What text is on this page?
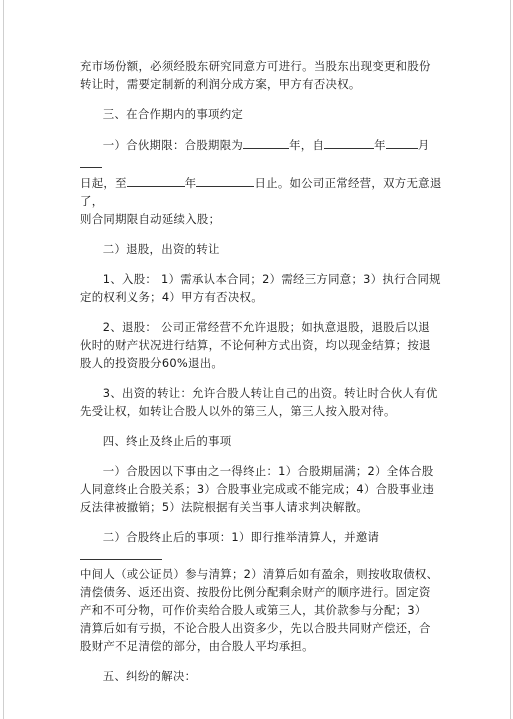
充市场份额，必须经股东研究同意方可进行。当股东出现变更和股份
转让时，需要定制新的利润分成方案，甲方有否决权。
三、在合作期内的事项约定
一）合伙期限：合股期限为	年，自	年	月
日起，至	年	日止。如公司正常经营，双方无意退了，
则合同期限自动延续入股；
二）退股，出资的转让
1、入股： 1）需承认本合同；2）需经三方同意；3）执行合同规
定的权利义务；4）甲方有否决权。
2、退股： 公司正常经营不允许退股；如执意退股，退股后以退
伙时的财产状况进行结算，不论何种方式出资，均以现金结算；按退
股人的投资股分60%退出。
3、出资的转让：允许合股人转让自己的出资。转让时合伙人有优
先受让权，如转让合股人以外的第三人，第三人按入股对待。
四、终止及终止后的事项
一）合股因以下事由之一得终止：1）合股期届满；2）全体合股
人同意终止合股关系；3）合股事业完成或不能完成；4）合股事业违
反法律被撤销；5）法院根据有关当事人请求判决解散。
二）合股终止后的事项：1）即行推举清算人，并邀请
中间人（或公证员）参与清算；2）清算后如有盈余，则按收取债权、
清偿债务、返还出资、按股份比例分配剩余财产的顺序进行。固定资
产和不可分物，可作价卖给合股人或第三人，其价款参与分配；3）
清算后如有亏损，不论合股人出资多少，先以合股共同财产偿还，合
股财产不足清偿的部分，由合股人平均承担。
五、纠纷的解决：
